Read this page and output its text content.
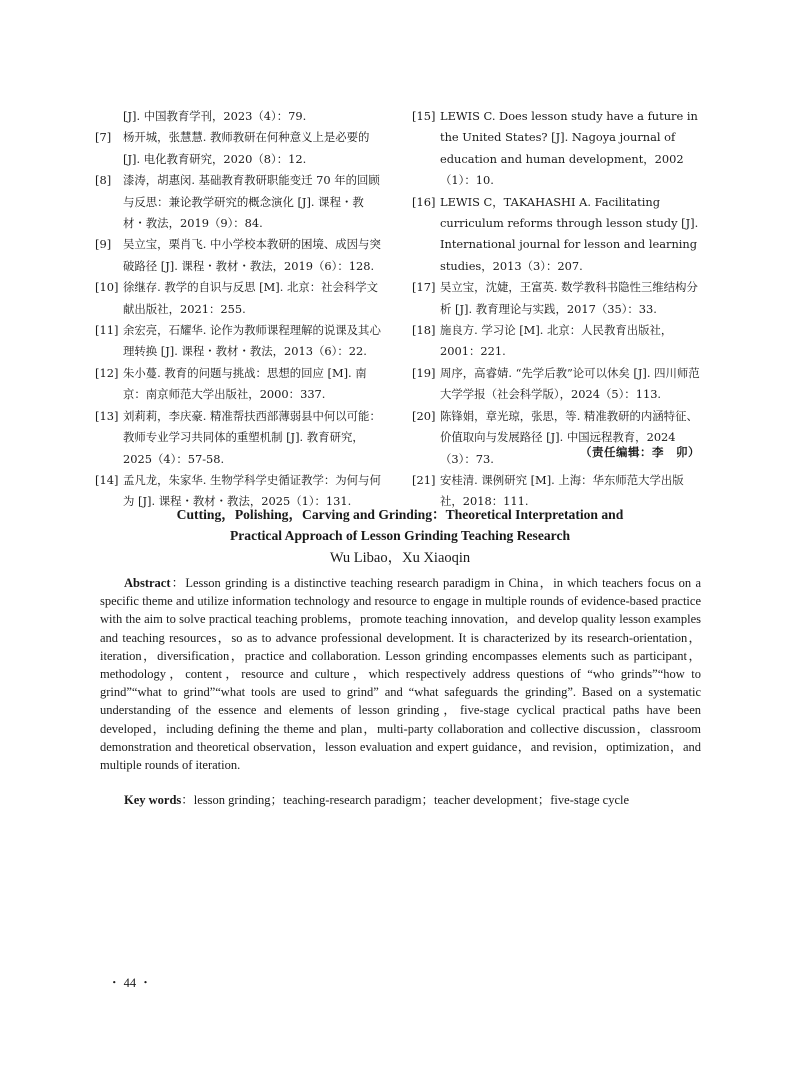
[J]. 中国教育学刊，2023（4）：79.
[7] 杨开城，张慧慧. 教师教研在何种意义上是必要的[J]. 电化教育研究，2020（8）：12.
[8] 漆涛，胡惠闵. 基础教育教研职能变迁 70 年的回顾与反思：兼论教学研究的概念演化 [J]. 课程・教材・教法，2019（9）：84.
[9] 吴立宝，栗肖飞. 中小学校本教研的困境、成因与突破路径 [J]. 课程・教材・教法，2019（6）：128.
[10] 徐继存. 教学的自识与反思 [M]. 北京：社会科学文献出版社，2021：255.
[11] 余宏亮，石耀华. 论作为教师课程理解的说课及其心理转换 [J]. 课程・教材・教法，2013（6）：22.
[12] 朱小蔓. 教育的问题与挑战：思想的回应 [M]. 南京：南京师范大学出版社，2000：337.
[13] 刘莉莉，李庆豪. 精准帮扶西部薄弱县中何以可能：教师专业学习共同体的重塑机制 [J]. 教育研究，2025（4）：57-58.
[14] 孟凡龙，朱家华. 生物学科学史循证教学：为何与何为 [J]. 课程・教材・教法，2025（1）：131.
[15] LEWIS C. Does lesson study have a future in the United States? [J]. Nagoya journal of education and human development，2002（1）：10.
[16] LEWIS C，TAKAHASHI A. Facilitating curriculum reforms through lesson study [J]. International journal for lesson and learning studies，2013（3）：207.
[17] 吴立宝，沈婕，王富英. 数学教科书隐性三维结构分析 [J]. 教育理论与实践，2017（35）：33.
[18] 施良方. 学习论 [M]. 北京：人民教育出版社，2001：221.
[19] 周序，高睿婧. “先学后教”论可以休矣 [J]. 四川师范大学学报（社会科学版），2024（5）：113.
[20] 陈锋娟，章光琼，张思，等. 精准教研的内涵特征、价值取向与发展路径 [J]. 中国远程教育，2024（3）：73.
[21] 安桂清. 课例研究 [M]. 上海：华东师范大学出版社，2018：111.
（责任编辑：李　卯）
Cutting，Polishing，Carving and Grinding：Theoretical Interpretation and
Practical Approach of Lesson Grinding Teaching Research
Wu Libao，Xu Xiaoqin
Abstract：Lesson grinding is a distinctive teaching research paradigm in China，in which teachers focus on a specific theme and utilize information technology and resource to engage in multiple rounds of evidence-based practice with the aim to solve practical teaching problems，promote teaching innovation，and develop quality lesson examples and teaching resources，so as to advance professional development. It is characterized by its research-orientation，iteration，diversification，practice and collaboration. Lesson grinding encompasses elements such as participant，methodology，content，resource and culture，which respectively address questions of “who grinds”“how to grind”“what to grind”“what tools are used to grind” and “what safeguards the grinding”. Based on a systematic understanding of the essence and elements of lesson grinding，five-stage cyclical practical paths have been developed，including defining the theme and plan，multi-party collaboration and collective discussion，classroom demonstration and theoretical observation，lesson evaluation and expert guidance，and revision，optimization，and multiple rounds of iteration.
Key words：lesson grinding；teaching-research paradigm；teacher development；five-stage cycle
・ 44 ・
